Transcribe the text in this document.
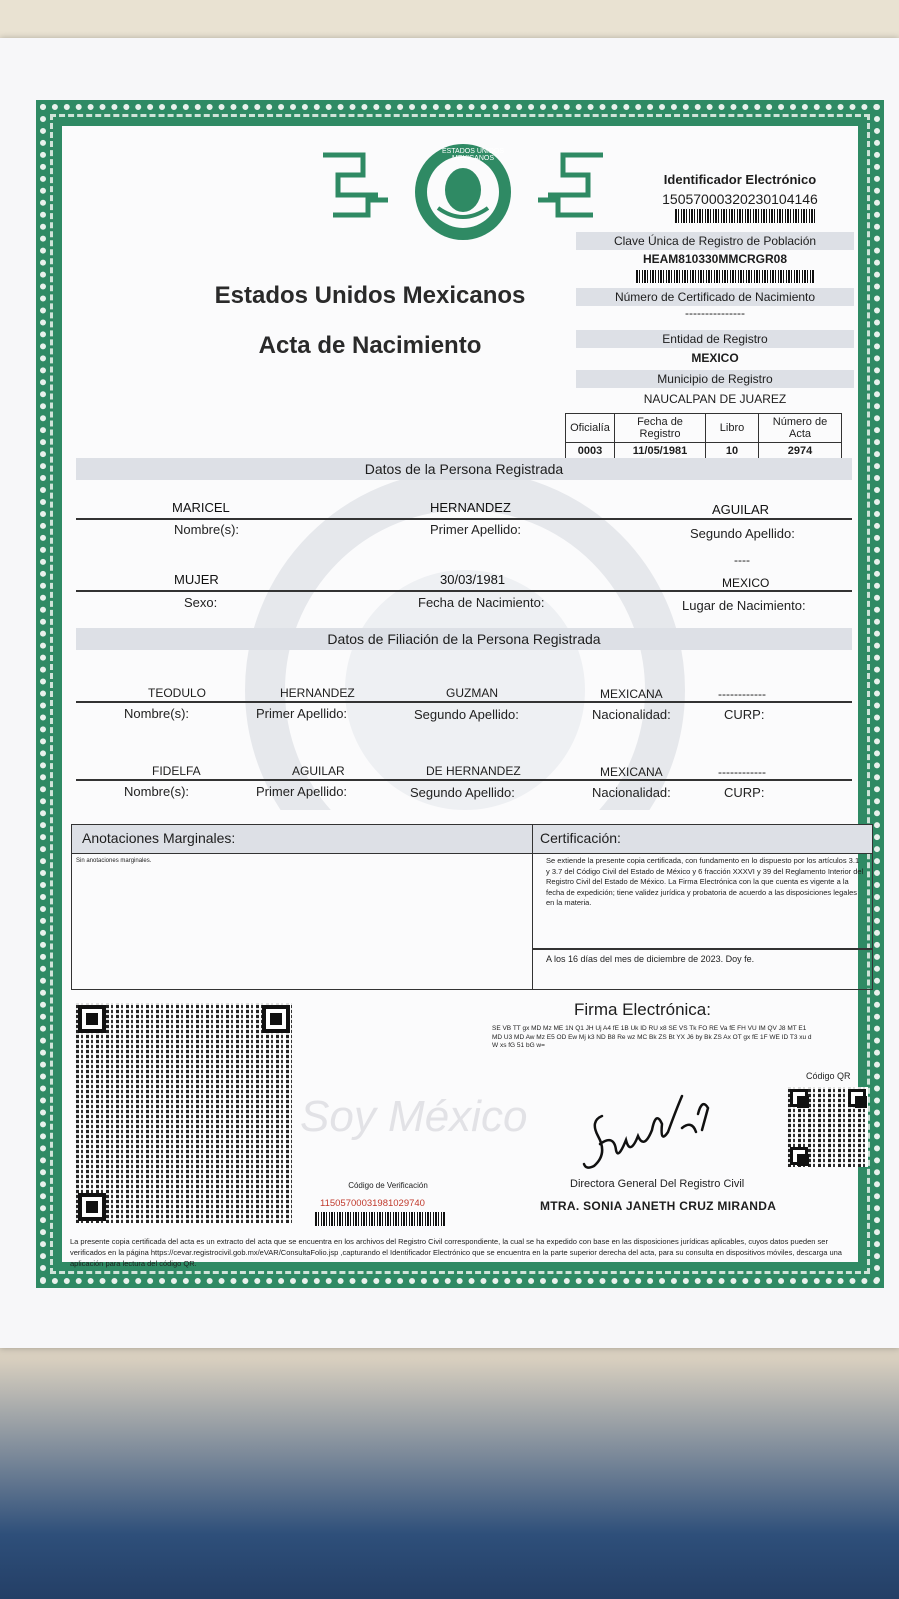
ESTADOS UNIDOS MEXICANOS
Estados Unidos Mexicanos
Acta de Nacimiento
Identificador Electrónico
15057000320230104146
Clave Única de Registro de Población
HEAM810330MMCRGR08
Número de Certificado de Nacimiento
---------------
Entidad de Registro
MEXICO
Municipio de Registro
NAUCALPAN DE JUAREZ
Oficialía	Fecha de Registro	Libro	Número de Acta
0003	11/05/1981	10	2974
Datos de la Persona Registrada
MARICEL	HERNANDEZ	AGUILAR
Nombre(s):	Primer Apellido:	Segundo Apellido:
----
MUJER	30/03/1981	MEXICO
Sexo:	Fecha de Nacimiento:	Lugar de Nacimiento:
Datos de Filiación de la Persona Registrada
TEODULO	HERNANDEZ	GUZMAN	MEXICANA	------------
Nombre(s):	Primer Apellido:	Segundo Apellido:	Nacionalidad:	CURP:
FIDELFA	AGUILAR	DE HERNANDEZ	MEXICANA	------------
Nombre(s):	Primer Apellido:	Segundo Apellido:	Nacionalidad:	CURP:
Anotaciones Marginales:
Sin anotaciones marginales.
Certificación:
Se extiende la presente copia certificada, con fundamento en lo dispuesto por los artículos 3.1 y 3.7 del Código Civil del Estado de México y 6 fracción XXXVI y 39 del Reglamento Interior del Registro Civil del Estado de México. La Firma Electrónica con la que cuenta es vigente a la fecha de expedición; tiene validez jurídica y probatoria de acuerdo a las disposiciones legales en la materia.
A los 16 días del mes de diciembre de 2023. Doy fe.
Firma Electrónica:
SE VB TT gx MD Mz ME 1N Q1 JH Uj A4 fE 1B Uk ID RU x8 SE VS Tk FO RE Va fE FH VU IM QV J8 MT E1 MD U3 MD Aw Mz E5 OD Ew Mj k3 ND B8 Re wz MC Bk ZS Bt YX J6 by Bk ZS Ax OT gx fE 1F WE ID T3 xu dW xs fG 51 bG w=
Código QR
Soy México
Código de Verificación
11505700031981029740
Directora General Del Registro Civil
MTRA. SONIA JANETH CRUZ MIRANDA
La presente copia certificada del acta es un extracto del acta que se encuentra en los archivos del Registro Civil correspondiente, la cual se ha expedido con base en las disposiciones jurídicas aplicables, cuyos datos pueden ser verificados en la página https://cevar.registrocivil.gob.mx/eVAR/ConsultaFolio.jsp ,capturando el Identificador Electrónico que se encuentra en la parte superior derecha del acta, para su consulta en dispositivos móviles, descarga una aplicación para lectura del código QR.
